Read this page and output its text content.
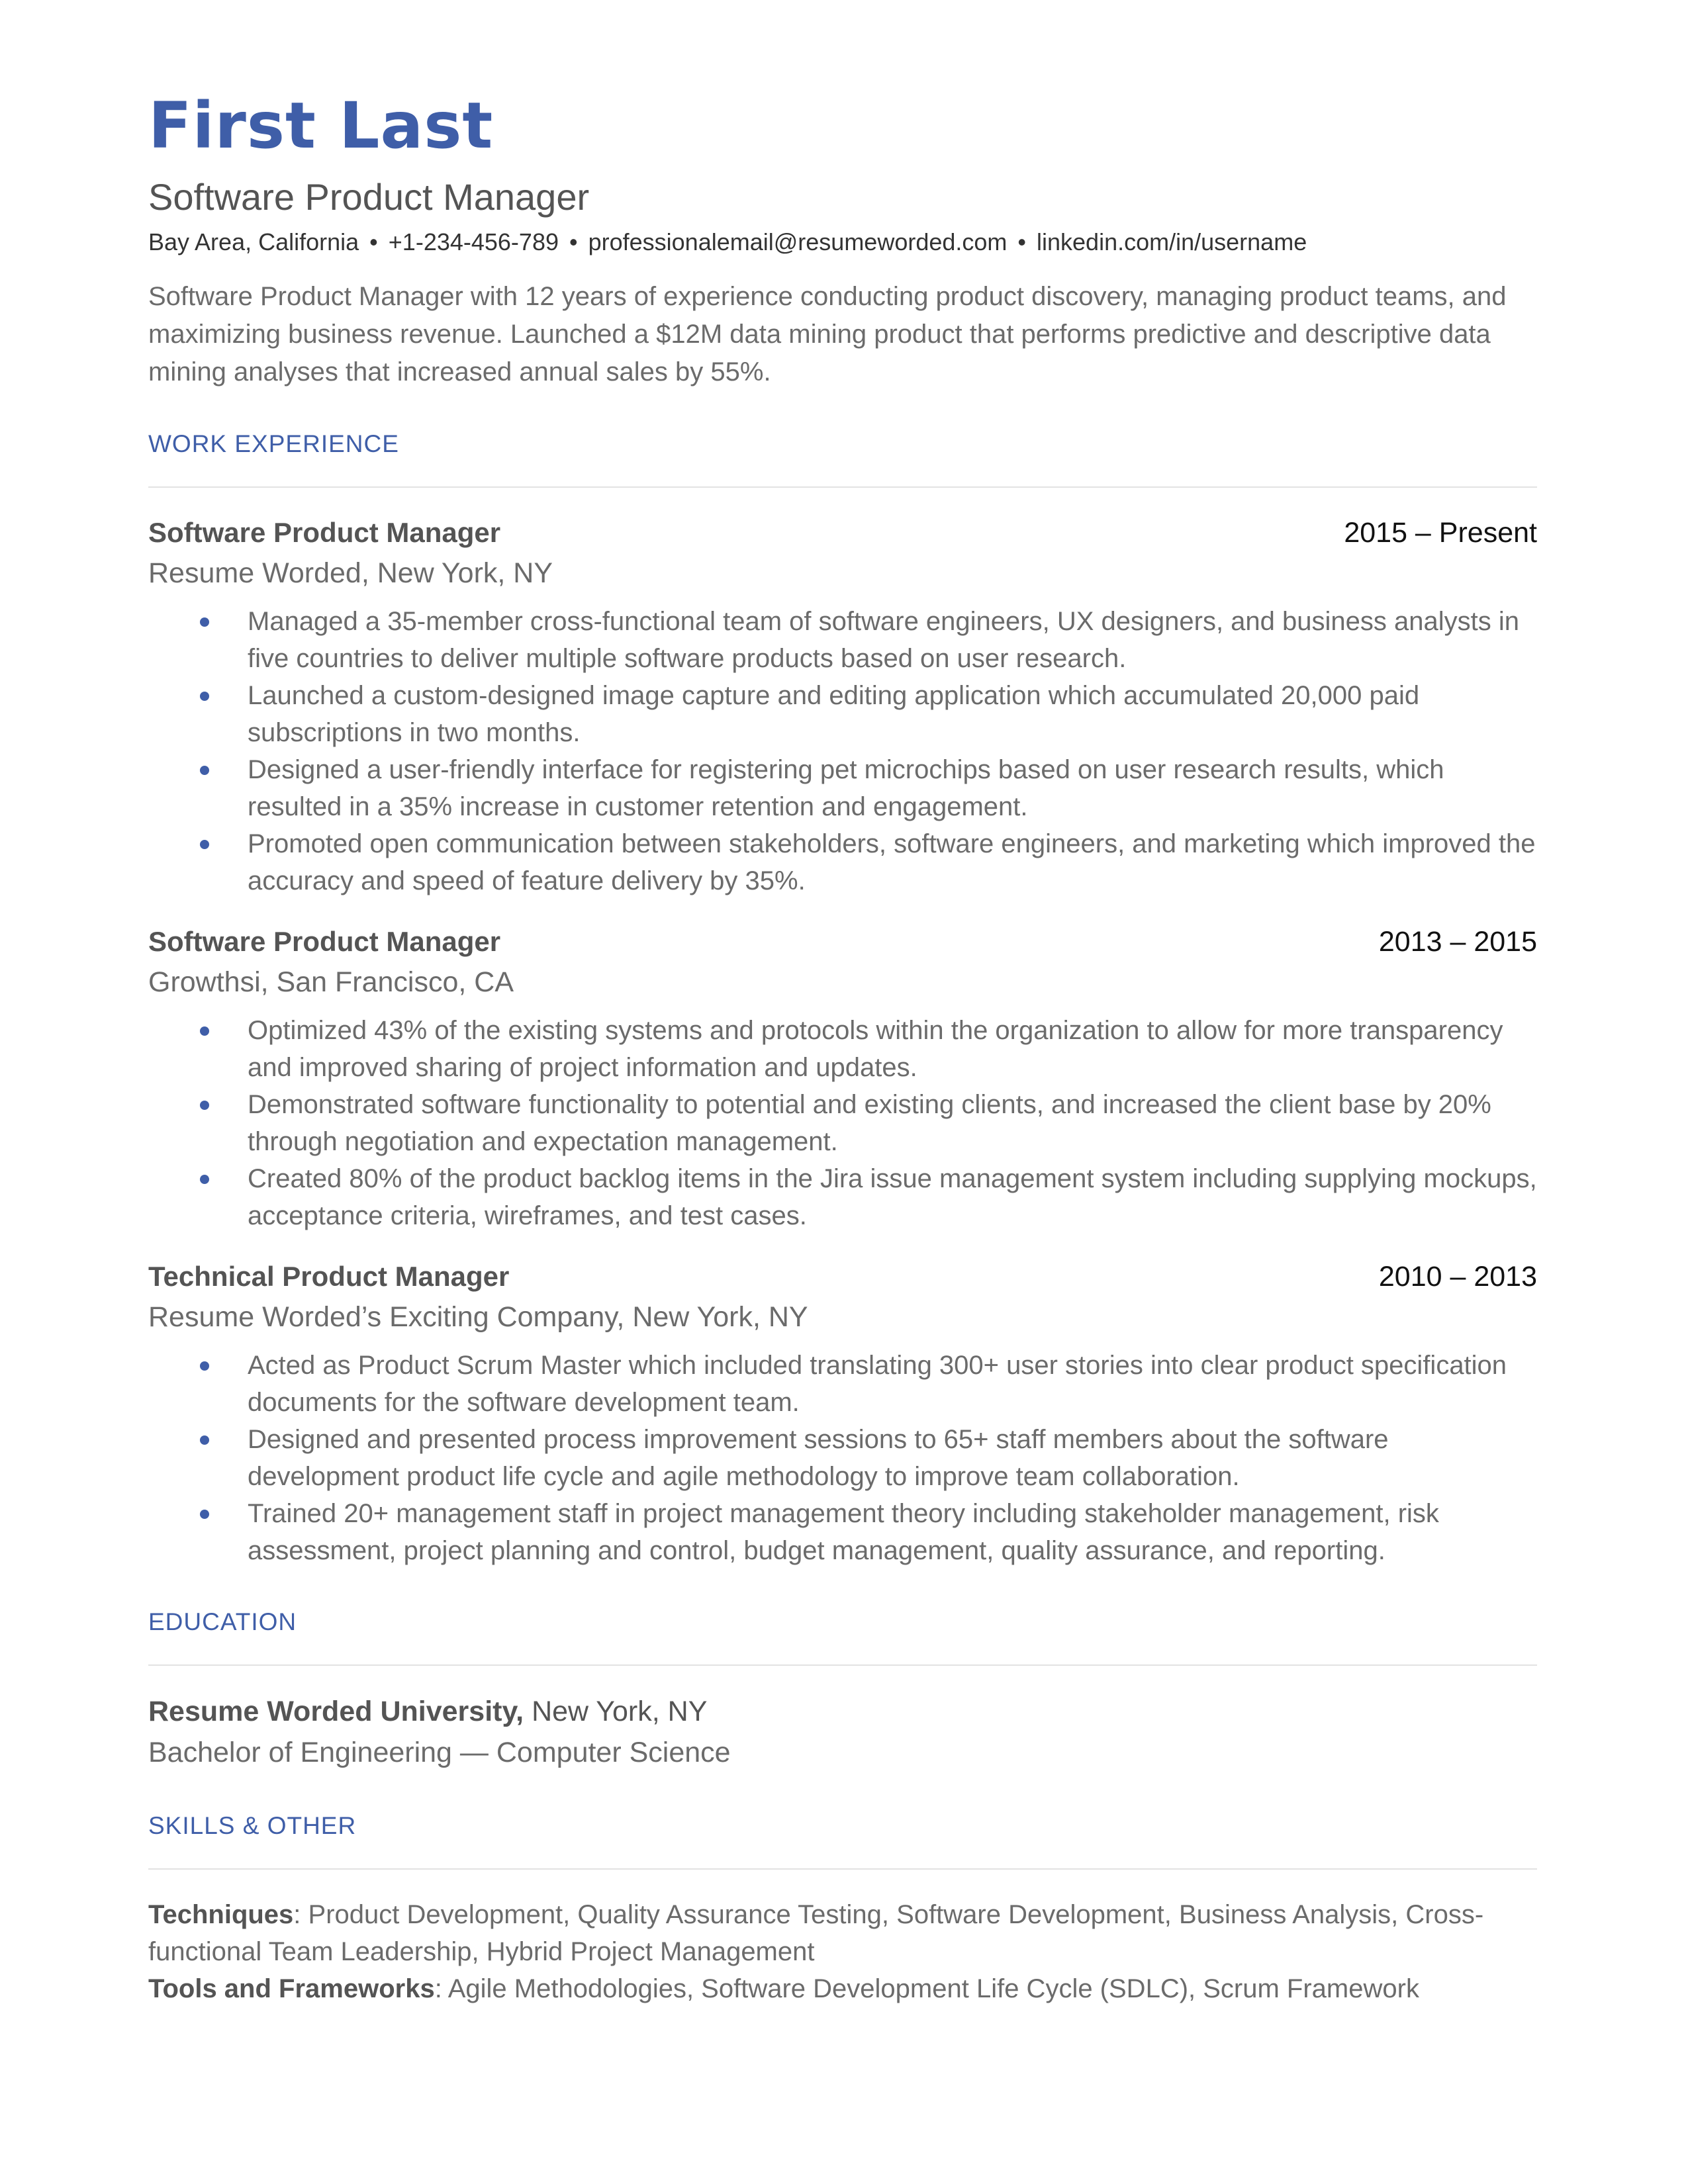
First Last
Software Product Manager
Bay Area, California • +1-234-456-789 • professionalemail@resumeworded.com • linkedin.com/in/username
Software Product Manager with 12 years of experience conducting product discovery, managing product teams, and maximizing business revenue. Launched a $12M data mining product that performs predictive and descriptive data mining analyses that increased annual sales by 55%.
WORK EXPERIENCE
Software Product Manager	2015 – Present
Resume Worded, New York, NY
Managed a 35-member cross-functional team of software engineers, UX designers, and business analysts in five countries to deliver multiple software products based on user research.
Launched a custom-designed image capture and editing application which accumulated 20,000 paid subscriptions in two months.
Designed a user-friendly interface for registering pet microchips based on user research results, which resulted in a 35% increase in customer retention and engagement.
Promoted open communication between stakeholders, software engineers, and marketing which improved the accuracy and speed of feature delivery by 35%.
Software Product Manager	2013 – 2015
Growthsi, San Francisco, CA
Optimized 43% of the existing systems and protocols within the organization to allow for more transparency and improved sharing of project information and updates.
Demonstrated software functionality to potential and existing clients, and increased the client base by 20% through negotiation and expectation management.
Created 80% of the product backlog items in the Jira issue management system including supplying mockups, acceptance criteria, wireframes, and test cases.
Technical Product Manager	2010 – 2013
Resume Worded’s Exciting Company, New York, NY
Acted as Product Scrum Master which included translating 300+ user stories into clear product specification documents for the software development team.
Designed and presented process improvement sessions to 65+ staff members about the software development product life cycle and agile methodology to improve team collaboration.
Trained 20+ management staff in project management theory including stakeholder management, risk assessment, project planning and control, budget management, quality assurance, and reporting.
EDUCATION
Resume Worded University, New York, NY
Bachelor of Engineering — Computer Science
SKILLS & OTHER
Techniques: Product Development, Quality Assurance Testing, Software Development, Business Analysis, Cross-functional Team Leadership, Hybrid Project Management
Tools and Frameworks: Agile Methodologies, Software Development Life Cycle (SDLC), Scrum Framework
